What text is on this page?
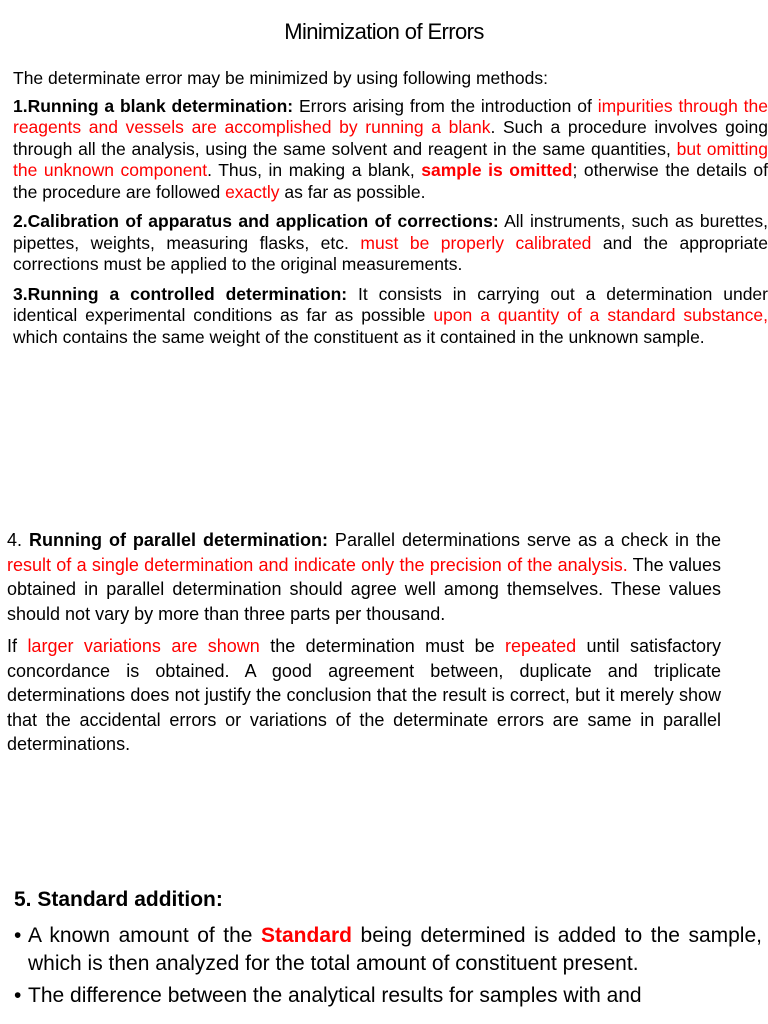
Minimization of Errors
The determinate error may be minimized by using following methods:
1.Running a blank determination: Errors arising from the introduction of impurities through the reagents and vessels are accomplished by running a blank. Such a procedure involves going through all the analysis, using the same solvent and reagent in the same quantities, but omitting the unknown component. Thus, in making a blank, sample is omitted; otherwise the details of the procedure are followed exactly as far as possible.
2.Calibration of apparatus and application of corrections: All instruments, such as burettes, pipettes, weights, measuring flasks, etc. must be properly calibrated and the appropriate corrections must be applied to the original measurements.
3.Running a controlled determination: It consists in carrying out a determination under identical experimental conditions as far as possible upon a quantity of a standard substance, which contains the same weight of the constituent as it contained in the unknown sample.
4. Running of parallel determination: Parallel determinations serve as a check in the result of a single determination and indicate only the precision of the analysis. The values obtained in parallel determination should agree well among themselves. These values should not vary by more than three parts per thousand.
If larger variations are shown the determination must be repeated until satisfactory concordance is obtained. A good agreement between, duplicate and triplicate determinations does not justify the conclusion that the result is correct, but it merely show that the accidental errors or variations of the determinate errors are same in parallel determinations.
5. Standard addition:
• A known amount of the Standard being determined is added to the sample, which is then analyzed for the total amount of constituent present.
• The difference between the analytical results for samples with and
